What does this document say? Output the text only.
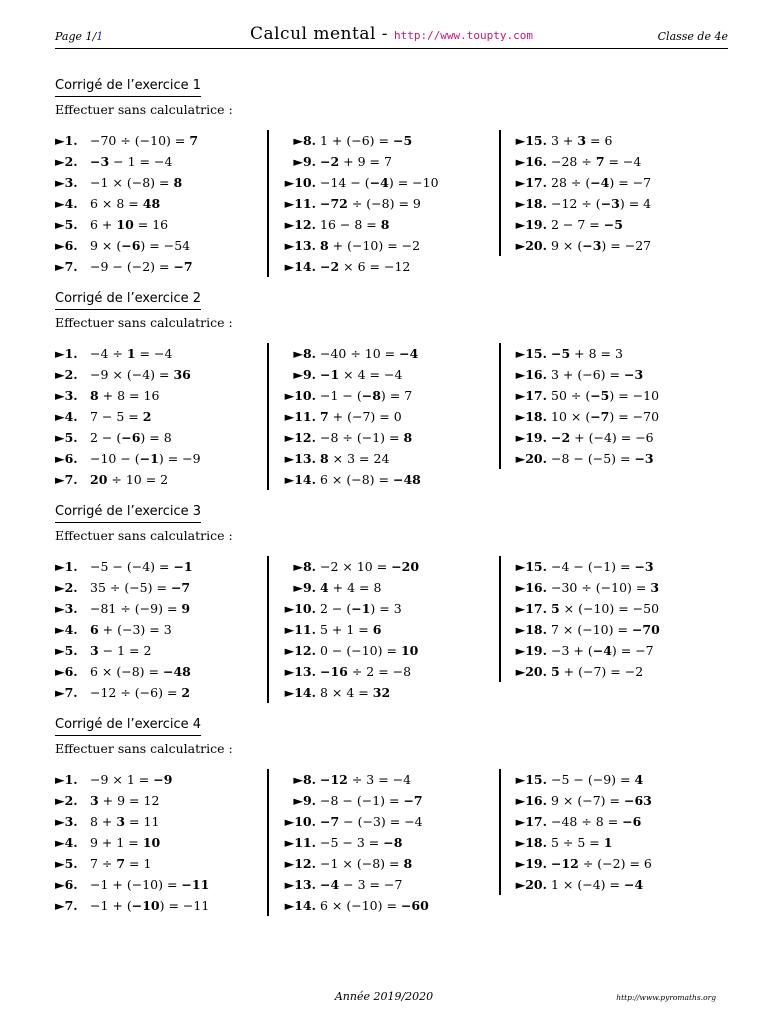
Page 1/1	Calcul mental - http://www.toupty.com	Classe de 4e
Corrigé de l’exercice 1
Effectuer sans calculatrice :
►1. −70 ÷ (−10) = 7
►2. −3 − 1 = −4
►3. −1 × (−8) = 8
►4. 6 × 8 = 48
►5. 6 + 10 = 16
►6. 9 × (−6) = −54
►7. −9 − (−2) = −7
►8. 1 + (−6) = −5
►9. −2 + 9 = 7
►10. −14 − (−4) = −10
►11. −72 ÷ (−8) = 9
►12. 16 − 8 = 8
►13. 8 + (−10) = −2
►14. −2 × 6 = −12
►15. 3 + 3 = 6
►16. −28 ÷ 7 = −4
►17. 28 ÷ (−4) = −7
►18. −12 ÷ (−3) = 4
►19. 2 − 7 = −5
►20. 9 × (−3) = −27
Corrigé de l’exercice 2
Effectuer sans calculatrice :
►1. −4 ÷ 1 = −4
►2. −9 × (−4) = 36
►3. 8 + 8 = 16
►4. 7 − 5 = 2
►5. 2 − (−6) = 8
►6. −10 − (−1) = −9
►7. 20 ÷ 10 = 2
►8. −40 ÷ 10 = −4
►9. −1 × 4 = −4
►10. −1 − (−8) = 7
►11. 7 + (−7) = 0
►12. −8 ÷ (−1) = 8
►13. 8 × 3 = 24
►14. 6 × (−8) = −48
►15. −5 + 8 = 3
►16. 3 + (−6) = −3
►17. 50 ÷ (−5) = −10
►18. 10 × (−7) = −70
►19. −2 + (−4) = −6
►20. −8 − (−5) = −3
Corrigé de l’exercice 3
Effectuer sans calculatrice :
►1. −5 − (−4) = −1
►2. 35 ÷ (−5) = −7
►3. −81 ÷ (−9) = 9
►4. 6 + (−3) = 3
►5. 3 − 1 = 2
►6. 6 × (−8) = −48
►7. −12 ÷ (−6) = 2
►8. −2 × 10 = −20
►9. 4 + 4 = 8
►10. 2 − (−1) = 3
►11. 5 + 1 = 6
►12. 0 − (−10) = 10
►13. −16 ÷ 2 = −8
►14. 8 × 4 = 32
►15. −4 − (−1) = −3
►16. −30 ÷ (−10) = 3
►17. 5 × (−10) = −50
►18. 7 × (−10) = −70
►19. −3 + (−4) = −7
►20. 5 + (−7) = −2
Corrigé de l’exercice 4
Effectuer sans calculatrice :
►1. −9 × 1 = −9
►2. 3 + 9 = 12
►3. 8 + 3 = 11
►4. 9 + 1 = 10
►5. 7 ÷ 7 = 1
►6. −1 + (−10) = −11
►7. −1 + (−10) = −11
►8. −12 ÷ 3 = −4
►9. −8 − (−1) = −7
►10. −7 − (−3) = −4
►11. −5 − 3 = −8
►12. −1 × (−8) = 8
►13. −4 − 3 = −7
►14. 6 × (−10) = −60
►15. −5 − (−9) = 4
►16. 9 × (−7) = −63
►17. −48 ÷ 8 = −6
►18. 5 ÷ 5 = 1
►19. −12 ÷ (−2) = 6
►20. 1 × (−4) = −4
Année 2019/2020	http://www.pyromaths.org
